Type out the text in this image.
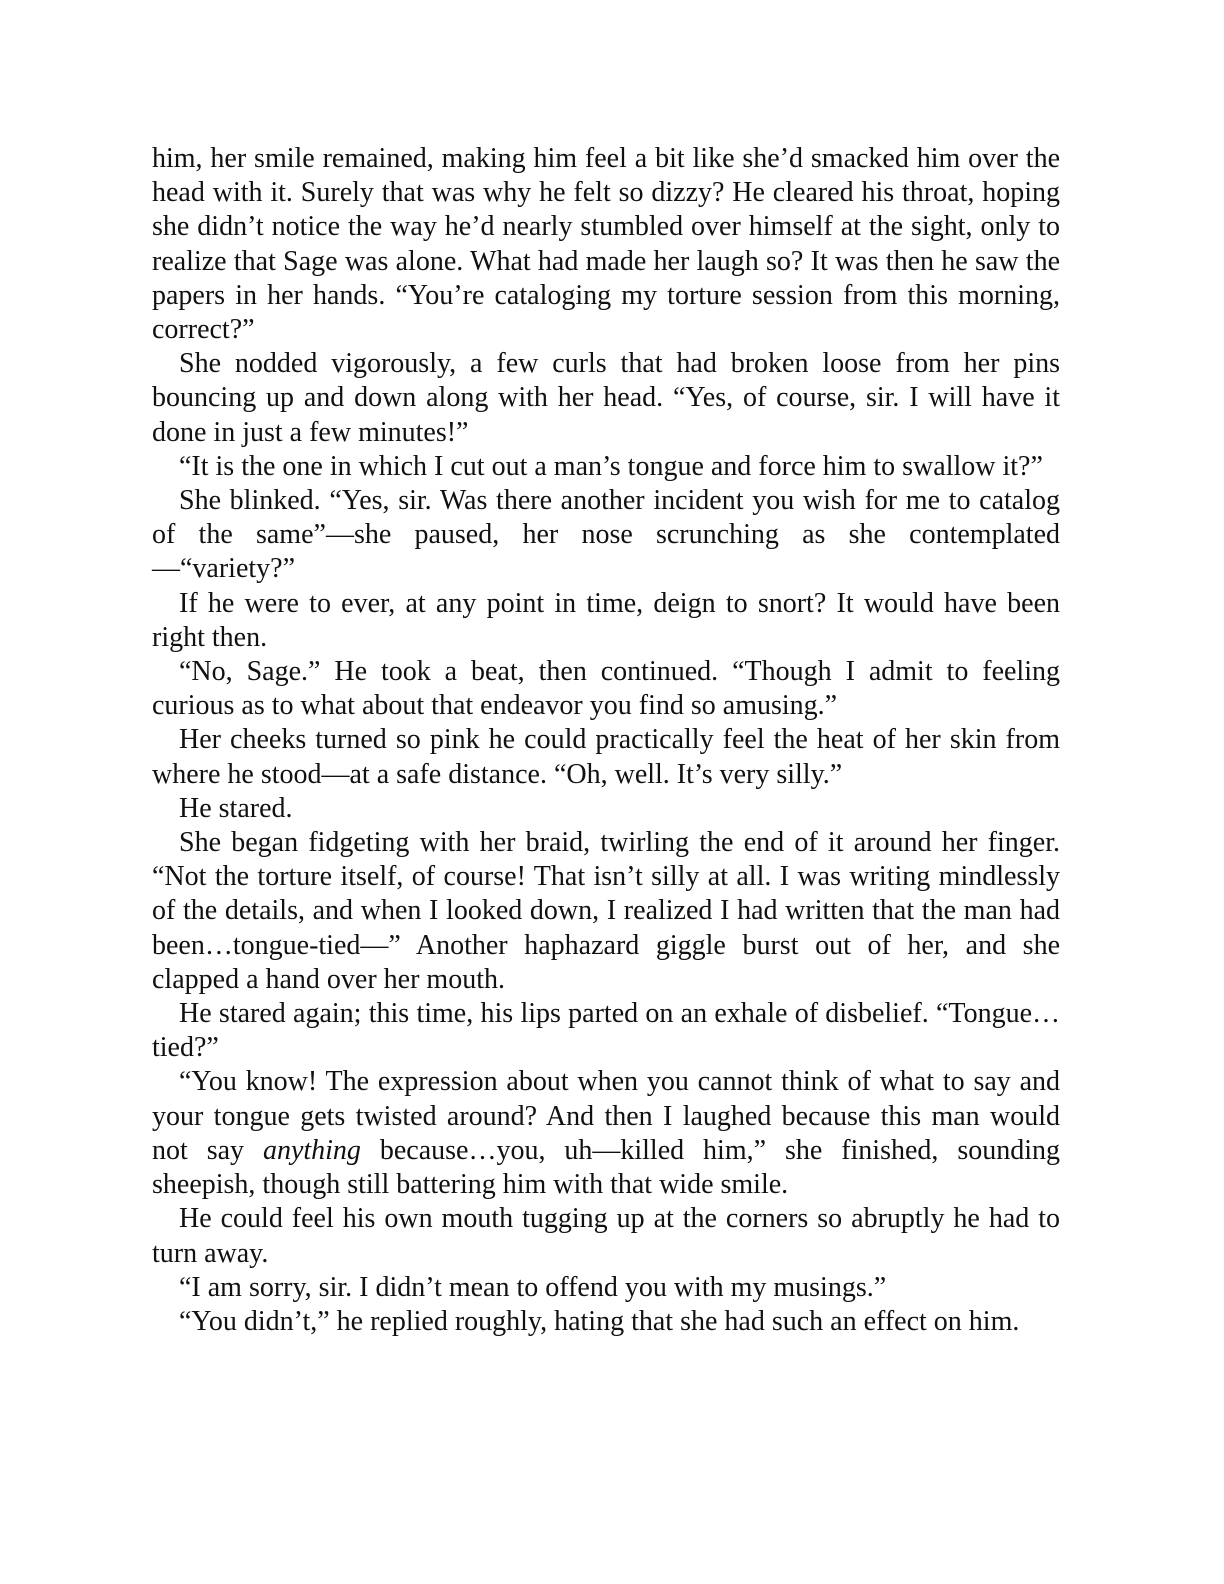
him, her smile remained, making him feel a bit like she’d smacked him over the head with it. Surely that was why he felt so dizzy? He cleared his throat, hoping she didn’t notice the way he’d nearly stumbled over himself at the sight, only to realize that Sage was alone. What had made her laugh so? It was then he saw the papers in her hands. “You’re cataloging my torture session from this morning, correct?”

She nodded vigorously, a few curls that had broken loose from her pins bouncing up and down along with her head. “Yes, of course, sir. I will have it done in just a few minutes!”

“It is the one in which I cut out a man’s tongue and force him to swallow it?”

She blinked. “Yes, sir. Was there another incident you wish for me to catalog of the same”—she paused, her nose scrunching as she contemplated —“variety?”

If he were to ever, at any point in time, deign to snort? It would have been right then.

“No, Sage.” He took a beat, then continued. “Though I admit to feeling curious as to what about that endeavor you find so amusing.”

Her cheeks turned so pink he could practically feel the heat of her skin from where he stood—at a safe distance. “Oh, well. It’s very silly.”

He stared.

She began fidgeting with her braid, twirling the end of it around her finger. “Not the torture itself, of course! That isn’t silly at all. I was writing mindlessly of the details, and when I looked down, I realized I had written that the man had been…tongue-tied—” Another haphazard giggle burst out of her, and she clapped a hand over her mouth.

He stared again; this time, his lips parted on an exhale of disbelief. “Tongue…tied?”

“You know! The expression about when you cannot think of what to say and your tongue gets twisted around? And then I laughed because this man would not say anything because…you, uh—killed him,” she finished, sounding sheepish, though still battering him with that wide smile.

He could feel his own mouth tugging up at the corners so abruptly he had to turn away.

“I am sorry, sir. I didn’t mean to offend you with my musings.”

“You didn’t,” he replied roughly, hating that she had such an effect on him.
